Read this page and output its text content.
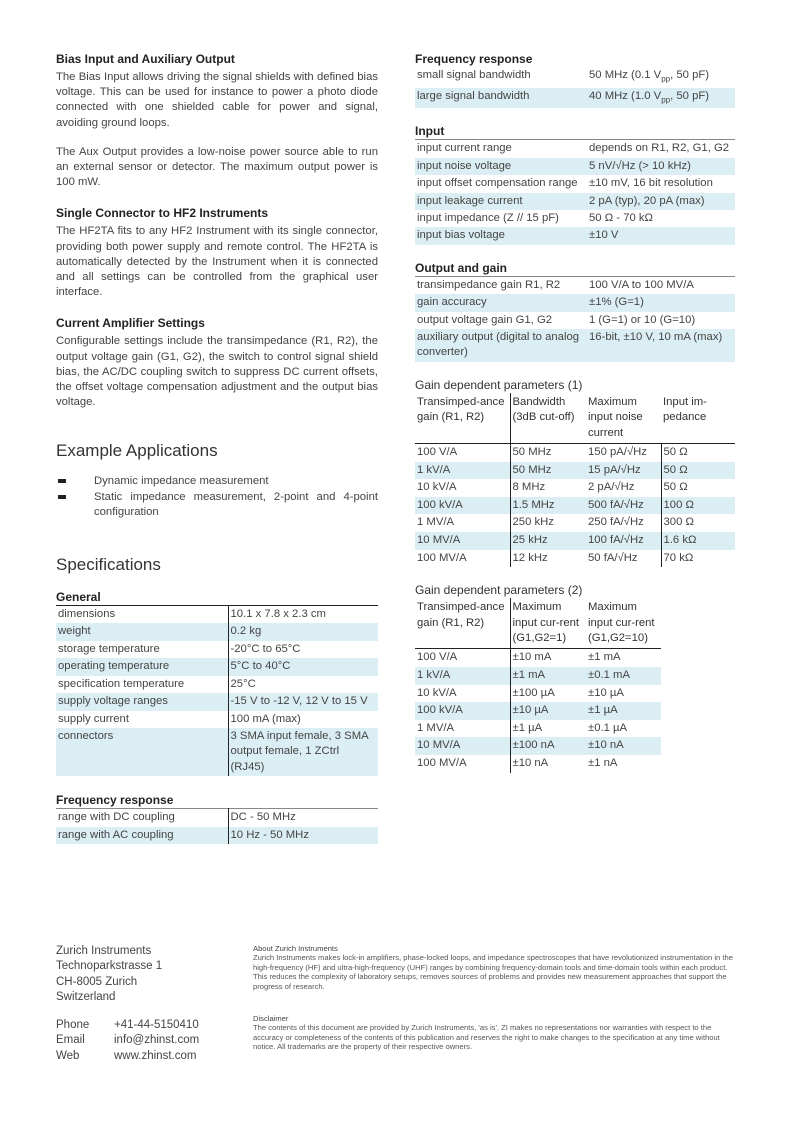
Bias Input and Auxiliary Output

The Bias Input allows driving the signal shields with defined bias voltage. This can be used for instance to power a photo diode connected with one shielded cable for power and signal, avoiding ground loops.

The Aux Output provides a low-noise power source able to run an external sensor or detector. The maximum output power is 100 mW.

Single Connector to HF2 Instruments

The HF2TA fits to any HF2 Instrument with its single connector, providing both power supply and remote control. The HF2TA is automatically detected by the Instrument when it is connected and all settings can be controlled from the graphical user interface.

Current Amplifier Settings

Configurable settings include the transimpedance (R1, R2), the output voltage gain (G1, G2), the switch to control signal shield bias, the AC/DC coupling switch to suppress DC current offsets, the offset voltage compensation adjustment and the output bias voltage.

Example Applications
Dynamic impedance measurement
Static impedance measurement, 2-point and 4-point configuration
Specifications
General
dimensions	10.1 x 7.8 x 2.3 cm
weight	0.2 kg
storage temperature	-20°C to 65°C
operating temperature	5°C to 40°C
specification temperature	25°C
supply voltage ranges	-15 V to -12 V, 12 V to 15 V
supply current	100 mA (max)
connectors	3 SMA input female, 3 SMA output female, 1 ZCtrl (RJ45)
Frequency response
range with DC coupling	DC - 50 MHz
range with AC coupling	10 Hz - 50 MHz
Frequency response
small signal bandwidth	50 MHz (0.1 $V_{pp}$, 50 pF)
large signal bandwidth	40 MHz (1.0 $V_{pp}$, 50 pF)
Input
input current range	depends on R1, R2, G1, G2
input noise voltage	5 nV/√Hz (> 10 kHz)
input offset compensation range	±10 mV, 16 bit resolution
input leakage current	2 pA (typ), 20 pA (max)
input impedance (Z // 15 pF)	50 Ω - 70 kΩ
input bias voltage	±10 V
Output and gain
transimpedance gain R1, R2	100 V/A to 100 MV/A
gain accuracy	±1% (G=1)
output voltage gain G1, G2	1 (G=1) or 10 (G=10)
auxiliary output (digital to analog converter)	16-bit, ±10 V, 10 mA (max)
Gain dependent parameters (1)
Transimped-ance gain (R1, R2)	Bandwidth (3dB cut-off)	Maximum input noise current	Input im-pedance
100 V/A	50 MHz	150 pA/√Hz	50 Ω
1 kV/A	50 MHz	15 pA/√Hz	50 Ω
10 kV/A	8 MHz	2 pA/√Hz	50 Ω
100 kV/A	1.5 MHz	500 fA/√Hz	100 Ω
1 MV/A	250 kHz	250 fA/√Hz	300 Ω
10 MV/A	25 kHz	100 fA/√Hz	1.6 kΩ
100 MV/A	12 kHz	50 fA/√Hz	70 kΩ
Gain dependent parameters (2)
Transimped-ance gain (R1, R2)	Maximum input cur-rent (G1,G2=1)	Maximum input cur-rent (G1,G2=10)
100 V/A	±10 mA	±1 mA
1 kV/A	±1 mA	±0.1 mA
10 kV/A	±100 µA	±10 µA
100 kV/A	±10 µA	±1 µA
1 MV/A	±1 µA	±0.1 µA
10 MV/A	±100 nA	±10 nA
100 MV/A	±10 nA	±1 nA
Zurich Instruments
Technoparkstrasse 1
CH-8005 Zurich
Switzerland
Phone	+41-44-5150410
Email	info@zhinst.com
Web	www.zhinst.com
About Zurich Instruments
Zurich Instruments makes lock-in amplifiers, phase-locked loops, and impedance spectroscopes that have revolutionized instrumentation in the high-frequency (HF) and ultra-high-frequency (UHF) ranges by combining frequency-domain tools and time-domain tools within each product. This reduces the complexity of laboratory setups, removes sources of problems and provides new measurement approaches that support the progress of research.
Disclaimer
The contents of this document are provided by Zurich Instruments, 'as is'. ZI makes no representations nor warranties with respect to the accuracy or completeness of the contents of this publication and reserves the right to make changes to the specification at any time without notice. All trademarks are the property of their respective owners.
